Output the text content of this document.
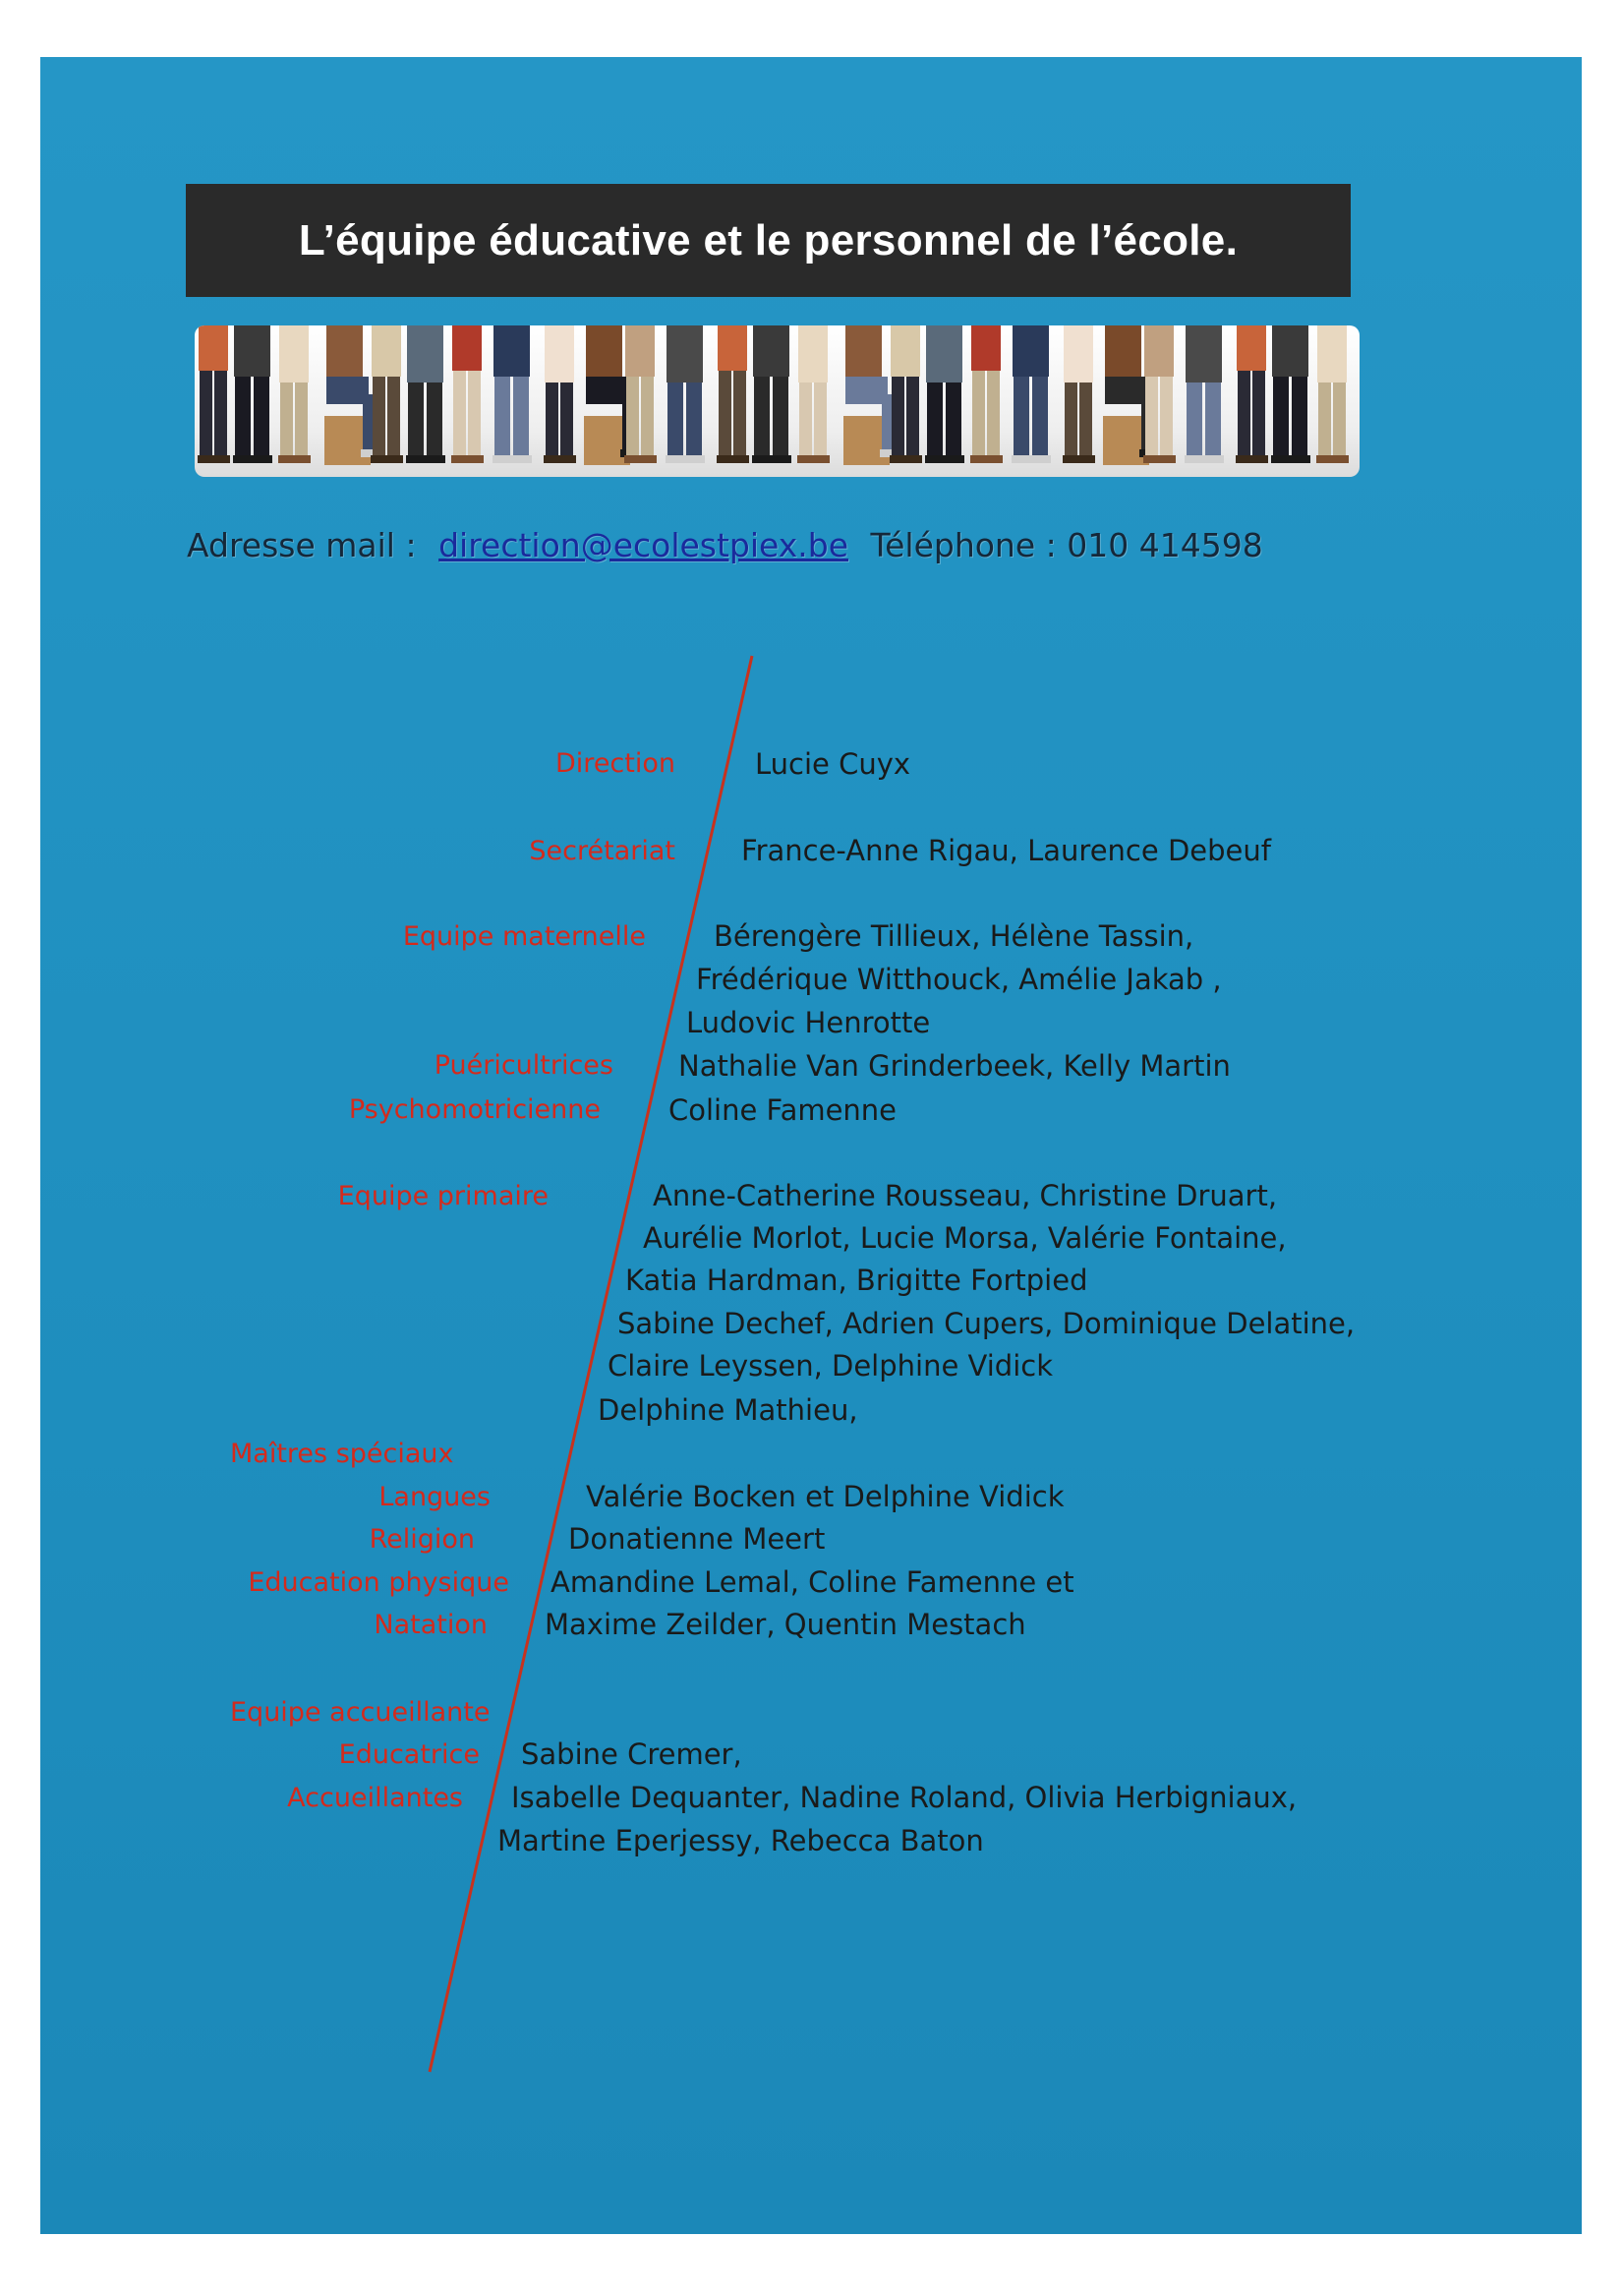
L’équipe éducative et le personnel de l’école.
Adresse mail : direction@ecolestpiex.be Téléphone : 010 414598
Direction
Secrétariat
Equipe maternelle
Puéricultrices
Psychomotricienne
Equipe primaire
Maîtres spéciaux
Langues
Religion
Education physique
Natation
Equipe accueillante
Educatrice
Accueillantes
Lucie Cuyx
France-Anne Rigau, Laurence Debeuf
Bérengère Tillieux, Hélène Tassin,
Frédérique Witthouck, Amélie Jakab ,
Ludovic Henrotte
Nathalie Van Grinderbeek, Kelly Martin
Coline Famenne
Anne-Catherine Rousseau, Christine Druart,
Aurélie Morlot, Lucie Morsa, Valérie Fontaine,
Katia Hardman, Brigitte Fortpied
Sabine Dechef, Adrien Cupers, Dominique Delatine,
Claire Leyssen, Delphine Vidick
Delphine Mathieu,
Valérie Bocken et Delphine Vidick
Donatienne Meert
Amandine Lemal, Coline Famenne et
Maxime Zeilder, Quentin Mestach
Sabine Cremer,
Isabelle Dequanter, Nadine Roland, Olivia Herbigniaux,
Martine Eperjessy, Rebecca Baton
